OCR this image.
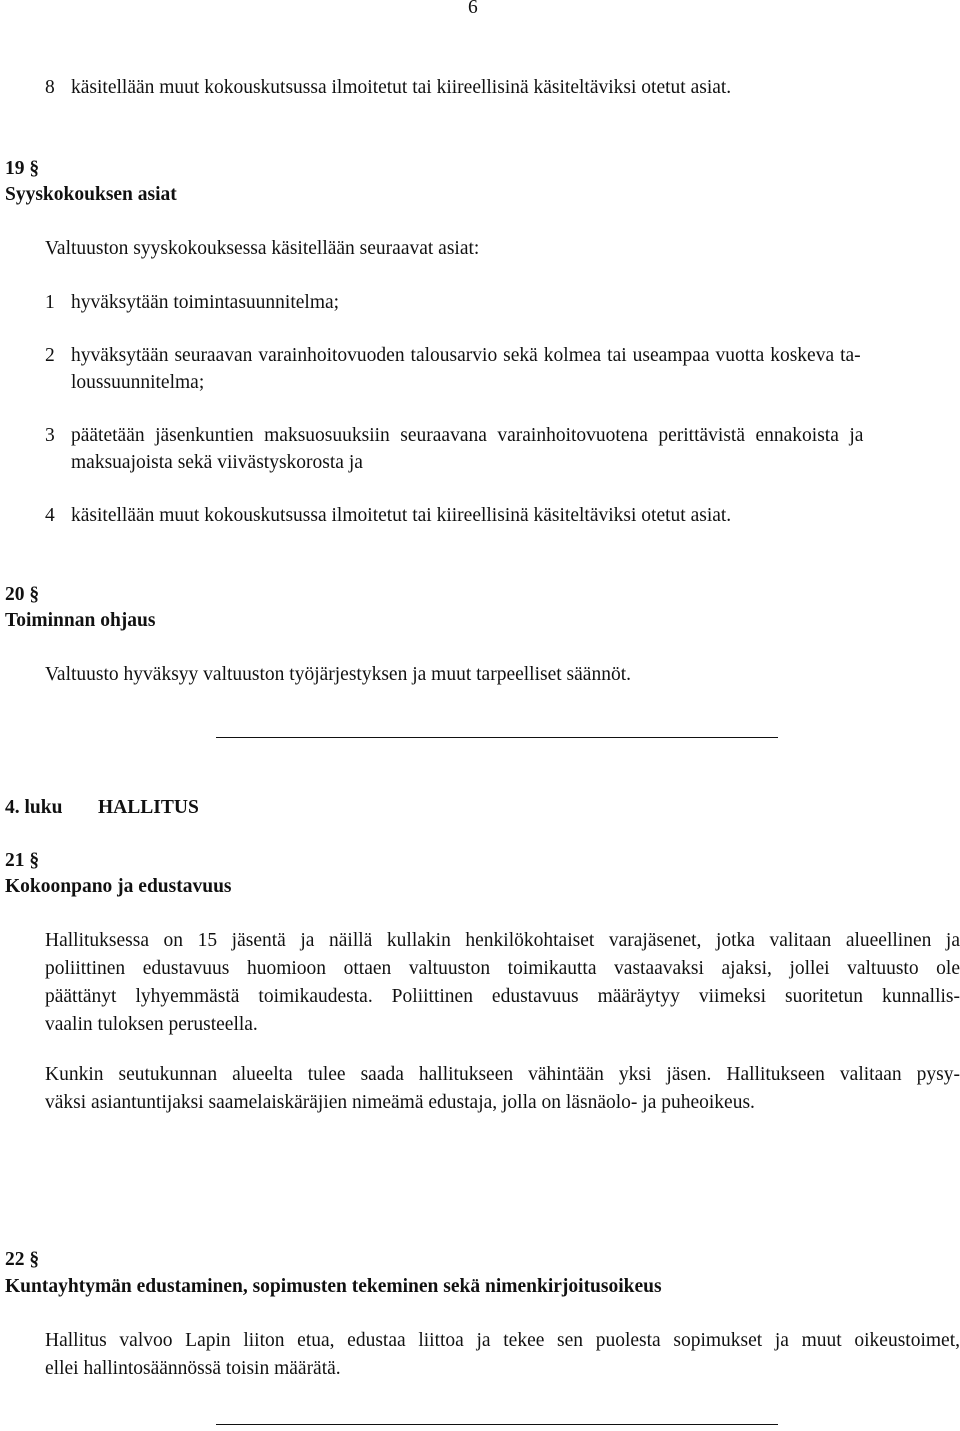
6
8 käsitellään muut kokouskutsussa ilmoitetut tai kiireellisinä käsiteltäviksi otetut asiat.
19 §
Syyskokouksen asiat
Valtuuston syyskokouksessa käsitellään seuraavat asiat:
1 hyväksytään toimintasuunnitelma;
2 hyväksytään seuraavan varainhoitovuoden talousarvio sekä kolmea tai useampaa vuotta koskeva ta-
loussuunnitelma;
3 päätetään jäsenkuntien maksuosuuksiin seuraavana varainhoitovuotena perittävistä ennakoista ja
maksuajoista sekä viivästyskorosta ja
4 käsitellään muut kokouskutsussa ilmoitetut tai kiireellisinä käsiteltäviksi otetut asiat.
20 §
Toiminnan ohjaus
Valtuusto hyväksyy valtuuston työjärjestyksen ja muut tarpeelliset säännöt.
4. luku HALLITUS
21 §
Kokoonpano ja edustavuus
Hallituksessa on 15 jäsentä ja näillä kullakin henkilökohtaiset varajäsenet, jotka valitaan alueellinen ja
poliittinen edustavuus huomioon ottaen valtuuston toimikautta vastaavaksi ajaksi, jollei valtuusto ole
päättänyt lyhyemmästä toimikaudesta. Poliittinen edustavuus määräytyy viimeksi suoritetun kunnallis-
vaalin tuloksen perusteella.
Kunkin seutukunnan alueelta tulee saada hallitukseen vähintään yksi jäsen. Hallitukseen valitaan pysy-
väksi asiantuntijaksi saamelaiskäräjien nimeämä edustaja, jolla on läsnäolo- ja puheoikeus.
22 §
Kuntayhtymän edustaminen, sopimusten tekeminen sekä nimenkirjoitusoikeus
Hallitus valvoo Lapin liiton etua, edustaa liittoa ja tekee sen puolesta sopimukset ja muut oikeustoimet,
ellei hallintosäännössä toisin määrätä.
